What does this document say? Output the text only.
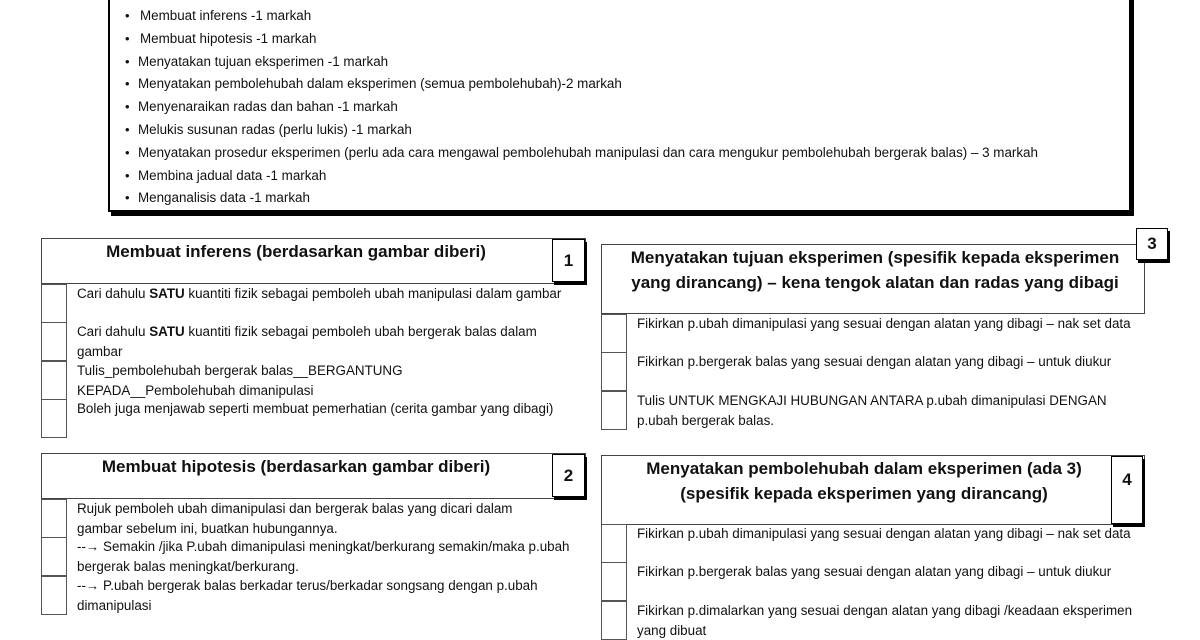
• Membuat inferens -1 markah
• Membuat hipotesis -1 markah
• Menyatakan tujuan eksperimen -1 markah
• Menyatakan pembolehubah dalam eksperimen (semua pembolehubah)-2 markah
• Menyenaraikan radas dan bahan -1 markah
• Melukis susunan radas (perlu lukis) -1 markah
• Menyatakan prosedur eksperimen (perlu ada cara mengawal pembolehubah manipulasi dan cara mengukur pembolehubah bergerak balas) – 3 markah
• Membina jadual data -1 markah
• Menganalisis data -1 markah
Membuat inferens (berdasarkan gambar diberi)	1
Cari dahulu SATU kuantiti fizik sebagai pemboleh ubah manipulasi dalam gambar
Cari dahulu SATU kuantiti fizik sebagai pemboleh ubah bergerak balas dalam gambar
Tulis_pembolehubah bergerak balas__BERGANTUNG KEPADA__Pembolehubah dimanipulasi
Boleh juga menjawab seperti membuat pemerhatian (cerita gambar yang dibagi)
Membuat hipotesis (berdasarkan gambar diberi)	2
Rujuk pemboleh ubah dimanipulasi dan bergerak balas yang dicari dalam gambar sebelum ini, buatkan hubungannya.
--→ Semakin /jika P.ubah dimanipulasi meningkat/berkurang semakin/maka p.ubah bergerak balas meningkat/berkurang.
--→ P.ubah bergerak balas berkadar terus/berkadar songsang dengan p.ubah dimanipulasi
Menyatakan tujuan eksperimen (spesifik kepada eksperimen yang dirancang) – kena tengok alatan dan radas yang dibagi
3
Fikirkan p.ubah dimanipulasi yang sesuai dengan alatan yang dibagi – nak set data
Fikirkan p.bergerak balas yang sesuai dengan alatan yang dibagi – untuk diukur
Tulis UNTUK MENGKAJI HUBUNGAN ANTARA p.ubah dimanipulasi DENGAN p.ubah bergerak balas.
Menyatakan pembolehubah dalam eksperimen (ada 3) (spesifik kepada eksperimen yang dirancang)
4
Fikirkan p.ubah dimanipulasi yang sesuai dengan alatan yang dibagi – nak set data
Fikirkan p.bergerak balas yang sesuai dengan alatan yang dibagi – untuk diukur
Fikirkan p.dimalarkan yang sesuai dengan alatan yang dibagi /keadaan eksperimen yang dibuat
